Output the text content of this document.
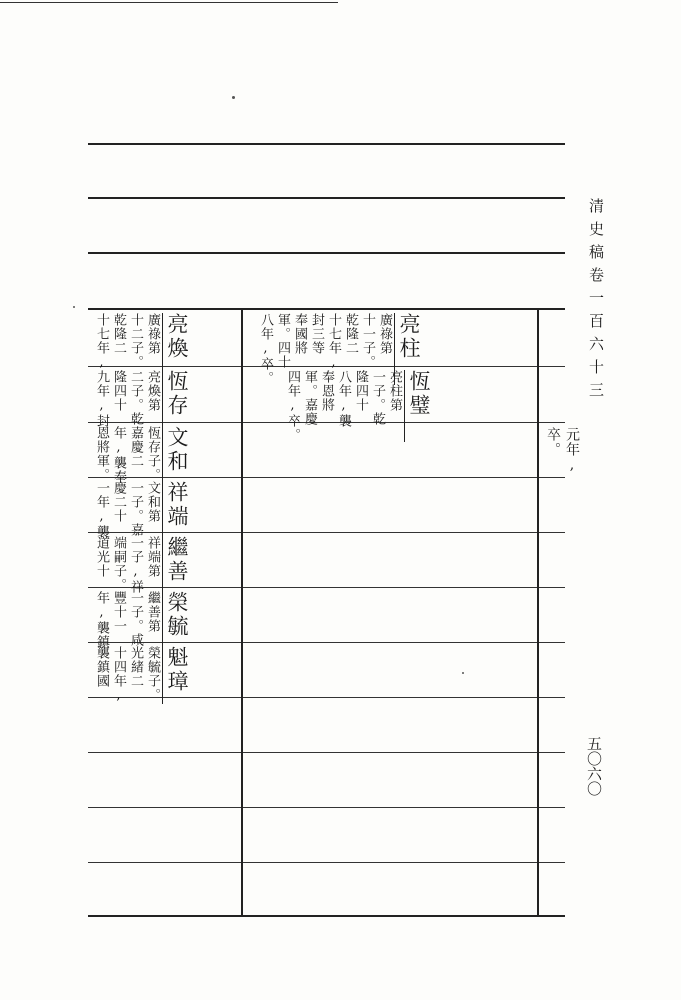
清史稿卷一百六十三
五〇六〇
亮柱
廣祿第
十一子。
乾隆二
十七年,
封三等
奉國將
軍。四十
八年,卒。
亮煥
廣祿第
十二子。
乾隆二
十七年,
恆璧
亮柱第
一子。乾
隆四十
八年,襲
奉恩將
軍。嘉慶
四年,卒。
恆存
亮煥第
二子。乾
隆四十
九年,封
元年,
卒。
文和
恆存子。
嘉慶二
年,襲奉
恩將軍。
祥端
文和第
一子。嘉
慶二十
一年,襲
繼善
祥端第
一子,祥
端嗣子。
道光十
榮毓
繼善第
一子。咸
豐十一
年,襲鎮
魁璋
榮毓子。
光緒二
十四年,
襲鎮國
